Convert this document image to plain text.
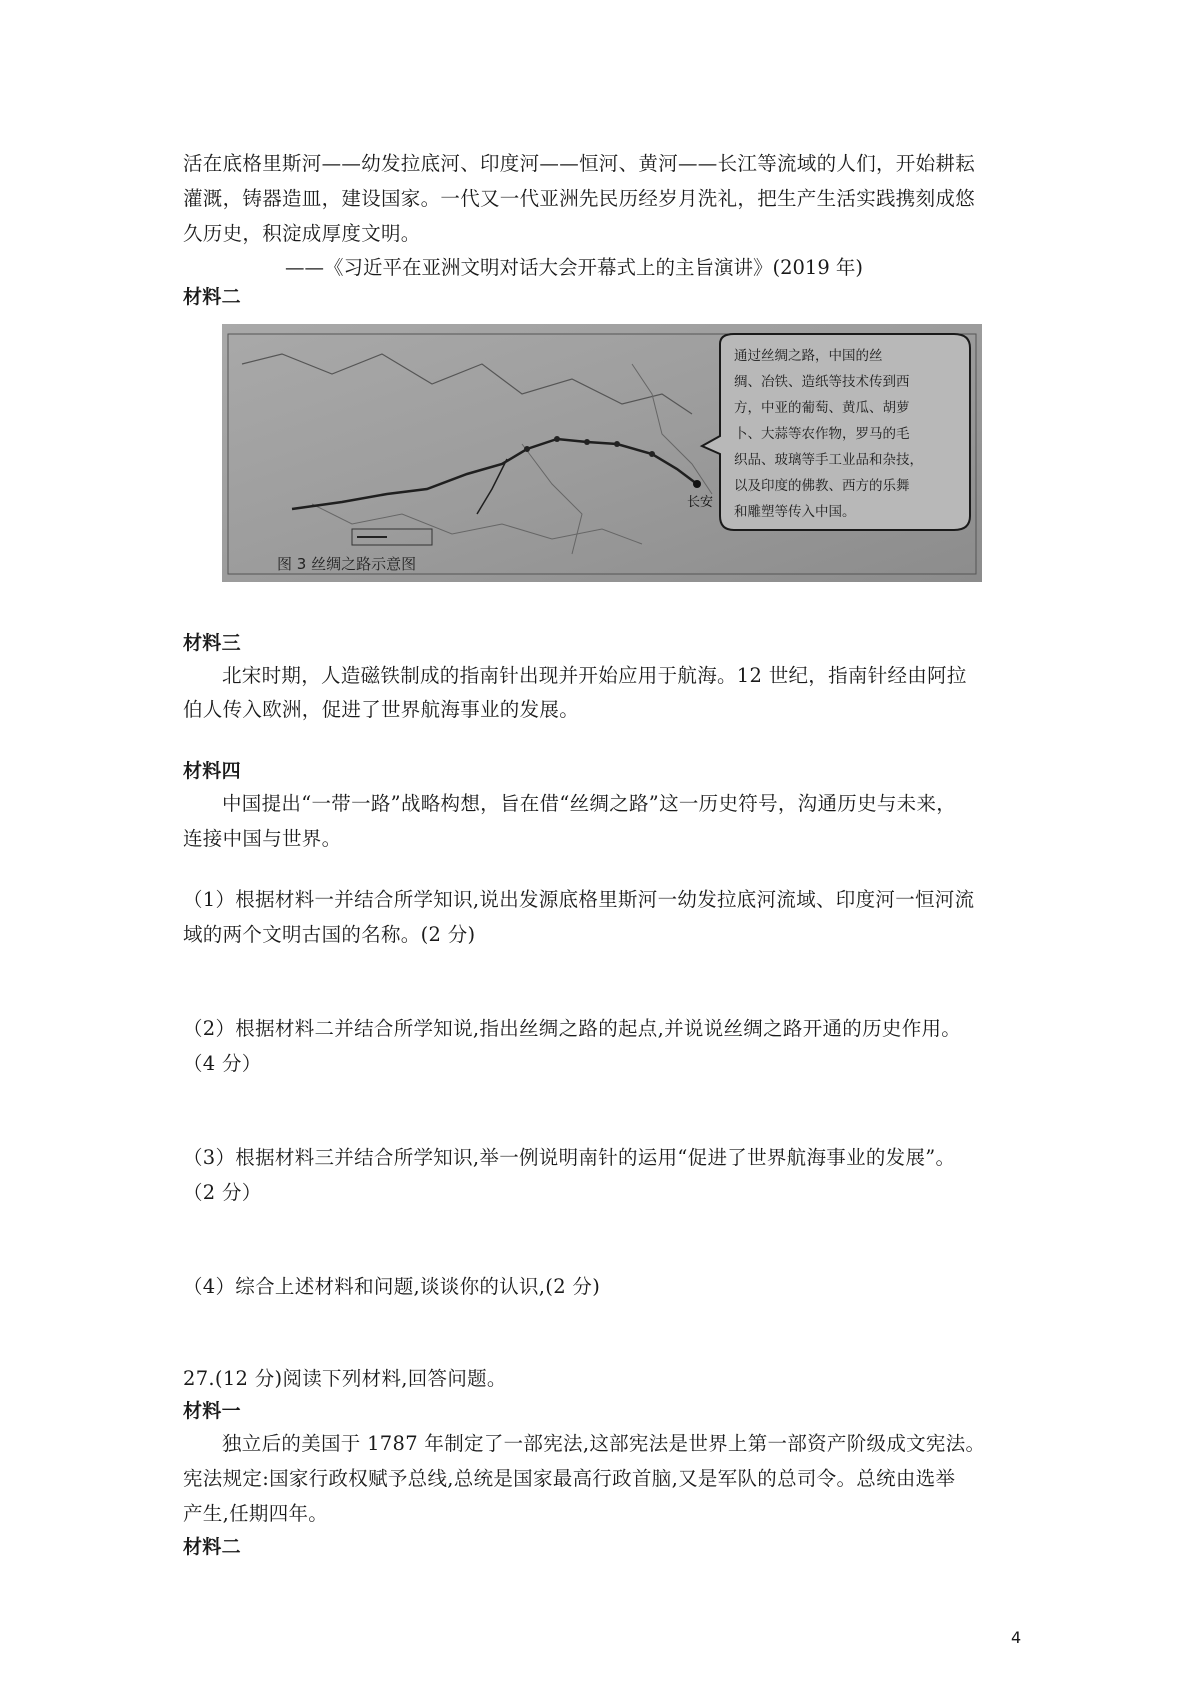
活在底格里斯河——幼发拉底河、印度河——恒河、黄河——长江等流域的人们，开始耕耘
灌溉，铸器造皿，建设国家。一代又一代亚洲先民历经岁月洗礼，把生产生活实践携刻成悠
久历史，积淀成厚度文明。
——《习近平在亚洲文明对话大会开幕式上的主旨演讲》(2019 年)
材料二
长安
图 3 丝绸之路示意图
通过丝绸之路，中国的丝 绸、冶铁、造纸等技术传到西 方，中亚的葡萄、黄瓜、胡萝 卜、大蒜等农作物，罗马的毛 织品、玻璃等手工业品和杂技， 以及印度的佛教、西方的乐舞 和雕塑等传入中国。
材料三
北宋时期，人造磁铁制成的指南针出现并开始应用于航海。12 世纪，指南针经由阿拉
伯人传入欧洲，促进了世界航海事业的发展。
材料四
中国提出“一带一路”战略构想，旨在借“丝绸之路”这一历史符号，沟通历史与未来，
连接中国与世界。
（1）根据材料一并结合所学知识,说出发源底格里斯河一幼发拉底河流域、印度河一恒河流
域的两个文明古国的名称。(2 分)
（2）根据材料二并结合所学知说,指出丝绸之路的起点,并说说丝绸之路开通的历史作用。
（4 分）
（3）根据材料三并结合所学知识,举一例说明南针的运用“促进了世界航海事业的发展”。
（2 分）
（4）综合上述材料和问题,谈谈你的认识,(2 分)
27.(12 分)阅读下列材料,回答问题。
材料一
独立后的美国于 1787 年制定了一部宪法,这部宪法是世界上第一部资产阶级成文宪法。
宪法规定:国家行政权赋予总线,总统是国家最高行政首脑,又是军队的总司令。总统由选举
产生,任期四年。
材料二
4
